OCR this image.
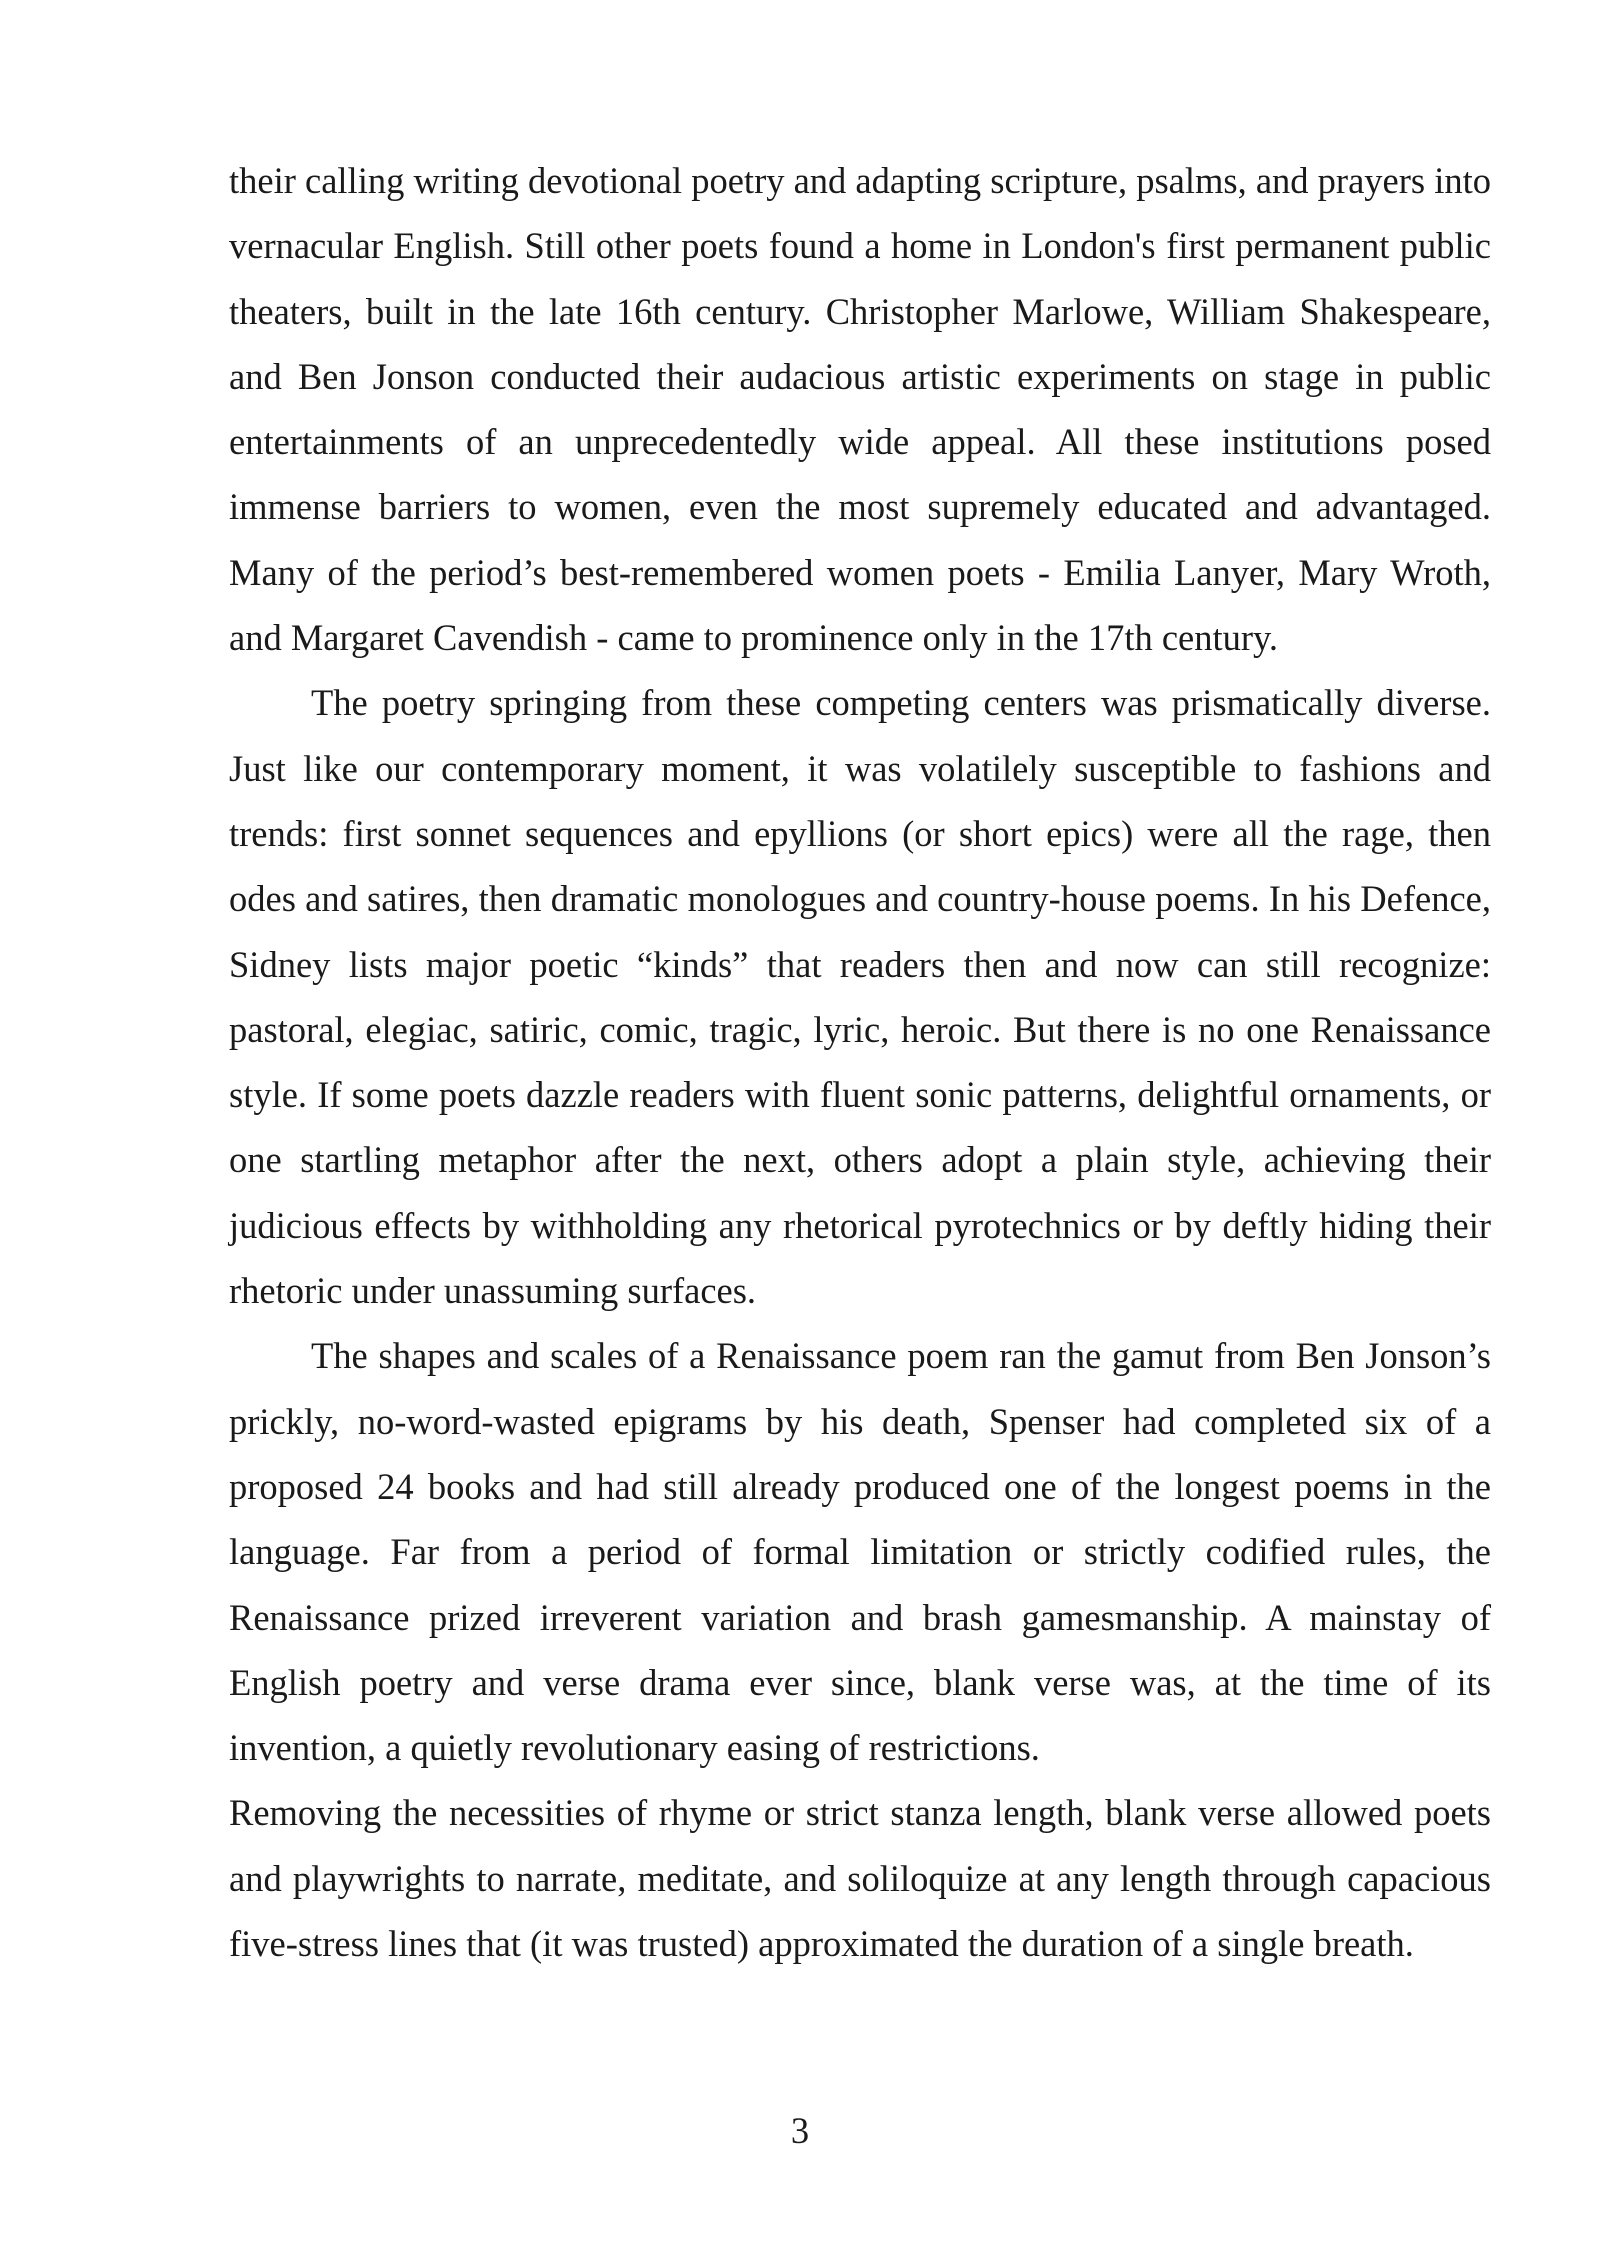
their calling writing devotional poetry and adapting scripture, psalms, and prayers into vernacular English. Still other poets found a home in London's first permanent public theaters, built in the late 16th century. Christopher Marlowe, William Shakespeare, and Ben Jonson conducted their audacious artistic experiments on stage in public entertainments of an unprecedentedly wide appeal. All these institutions posed immense barriers to women, even the most supremely educated and advantaged. Many of the period’s best-remembered women poets - Emilia Lanyer, Mary Wroth, and Margaret Cavendish - came to prominence only in the 17th century.

The poetry springing from these competing centers was prismatically diverse. Just like our contemporary moment, it was volatilely susceptible to fashions and trends: first sonnet sequences and epyllions (or short epics) were all the rage, then odes and satires, then dramatic monologues and country-house poems. In his Defence, Sidney lists major poetic “kinds” that readers then and now can still recognize: pastoral, elegiac, satiric, comic, tragic, lyric, heroic. But there is no one Renaissance style. If some poets dazzle readers with fluent sonic patterns, delightful ornaments, or one startling metaphor after the next, others adopt a plain style, achieving their judicious effects by withholding any rhetorical pyrotechnics or by deftly hiding their rhetoric under unassuming surfaces.

The shapes and scales of a Renaissance poem ran the gamut from Ben Jonson’s prickly, no-word-wasted epigrams by his death, Spenser had completed six of a proposed 24 books and had still already produced one of the longest poems in the language. Far from a period of formal limitation or strictly codified rules, the Renaissance prized irreverent variation and brash gamesmanship. A mainstay of English poetry and verse drama ever since, blank verse was, at the time of its invention, a quietly revolutionary easing of restrictions.

Removing the necessities of rhyme or strict stanza length, blank verse allowed poets and playwrights to narrate, meditate, and soliloquize at any length through capacious five-stress lines that (it was trusted) approximated the duration of a single breath.

3
